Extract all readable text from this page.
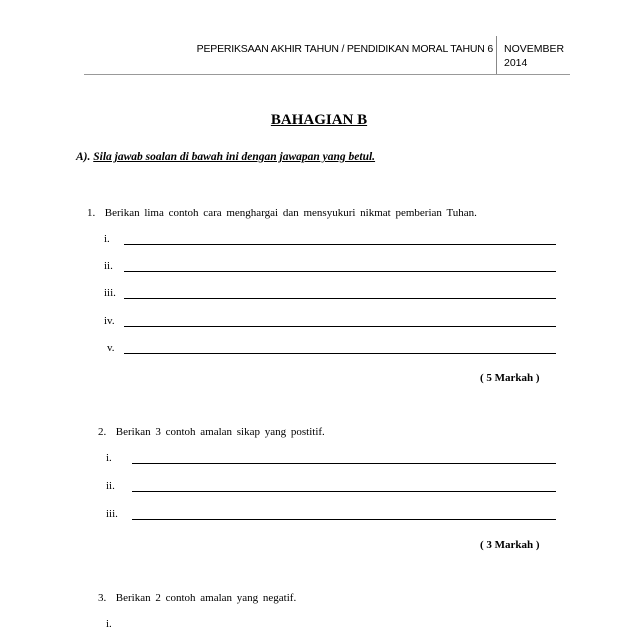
PEPERIKSAAN AKHIR TAHUN / PENDIDIKAN MORAL TAHUN 6 NOVEMBER
2014
BAHAGIAN B
A). Sila jawab soalan di bawah ini dengan jawapan yang betul.
1. Berikan lima contoh cara menghargai dan mensyukuri nikmat pemberian Tuhan.
i.
ii.
iii.
iv.
v.
( 5 Markah )
2. Berikan 3 contoh amalan sikap yang postitif.
i.
ii.
iii.
( 3 Markah )
3. Berikan 2 contoh amalan yang negatif.
i.
